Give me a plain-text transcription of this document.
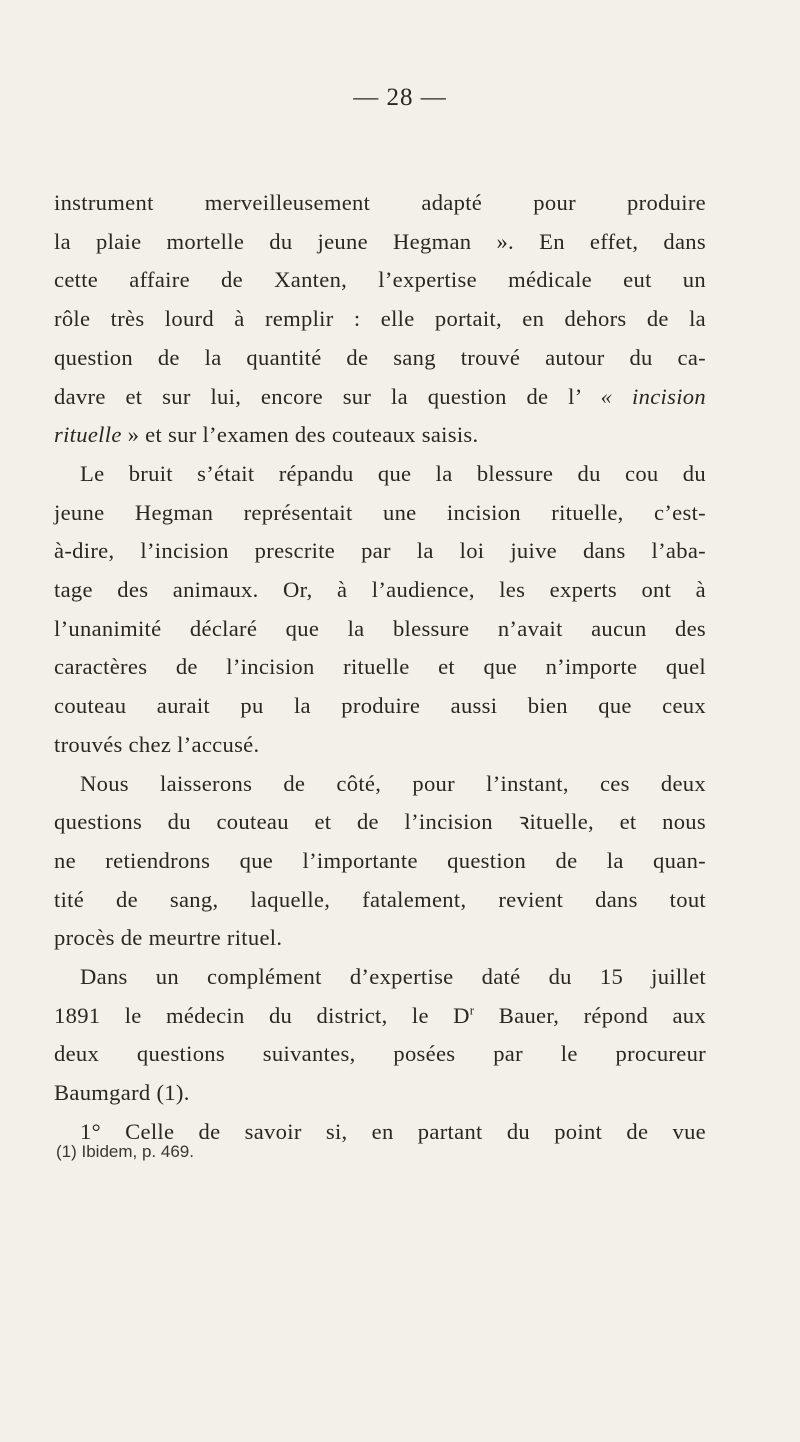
— 28 —
instrument merveilleusement adapté pour produire
la plaie mortelle du jeune Hegman ». En effet, dans
cette affaire de Xanten, l’expertise médicale eut un
rôle très lourd à remplir : elle portait, en dehors de la
question de la quantité de sang trouvé autour du ca-
davre et sur lui, encore sur la question de l’ « incision
rituelle » et sur l’examen des couteaux saisis.
Le bruit s’était répandu que la blessure du cou du
jeune Hegman représentait une incision rituelle, c’est-
à-dire, l’incision prescrite par la loi juive dans l’aba-
tage des animaux. Or, à l’audience, les experts ont à
l’unanimité déclaré que la blessure n’avait aucun des
caractères de l’incision rituelle et que n’importe quel
couteau aurait pu la produire aussi bien que ceux
trouvés chez l’accusé.
Nous laisserons de côté, pour l’instant, ces deux
questions du couteau et de l’incision ꝛituelle, et nous
ne retiendrons que l’importante question de la quan-
tité de sang, laquelle, fatalement, revient dans tout
procès de meurtre rituel.
Dans un complément d’expertise daté du 15 juillet
1891 le médecin du district, le $D^r$ Bauer, répond aux
deux questions suivantes, posées par le procureur
Baumgard (1).
1° Celle de savoir si, en partant du point de vue
(1) Ibidem, p. 469.
